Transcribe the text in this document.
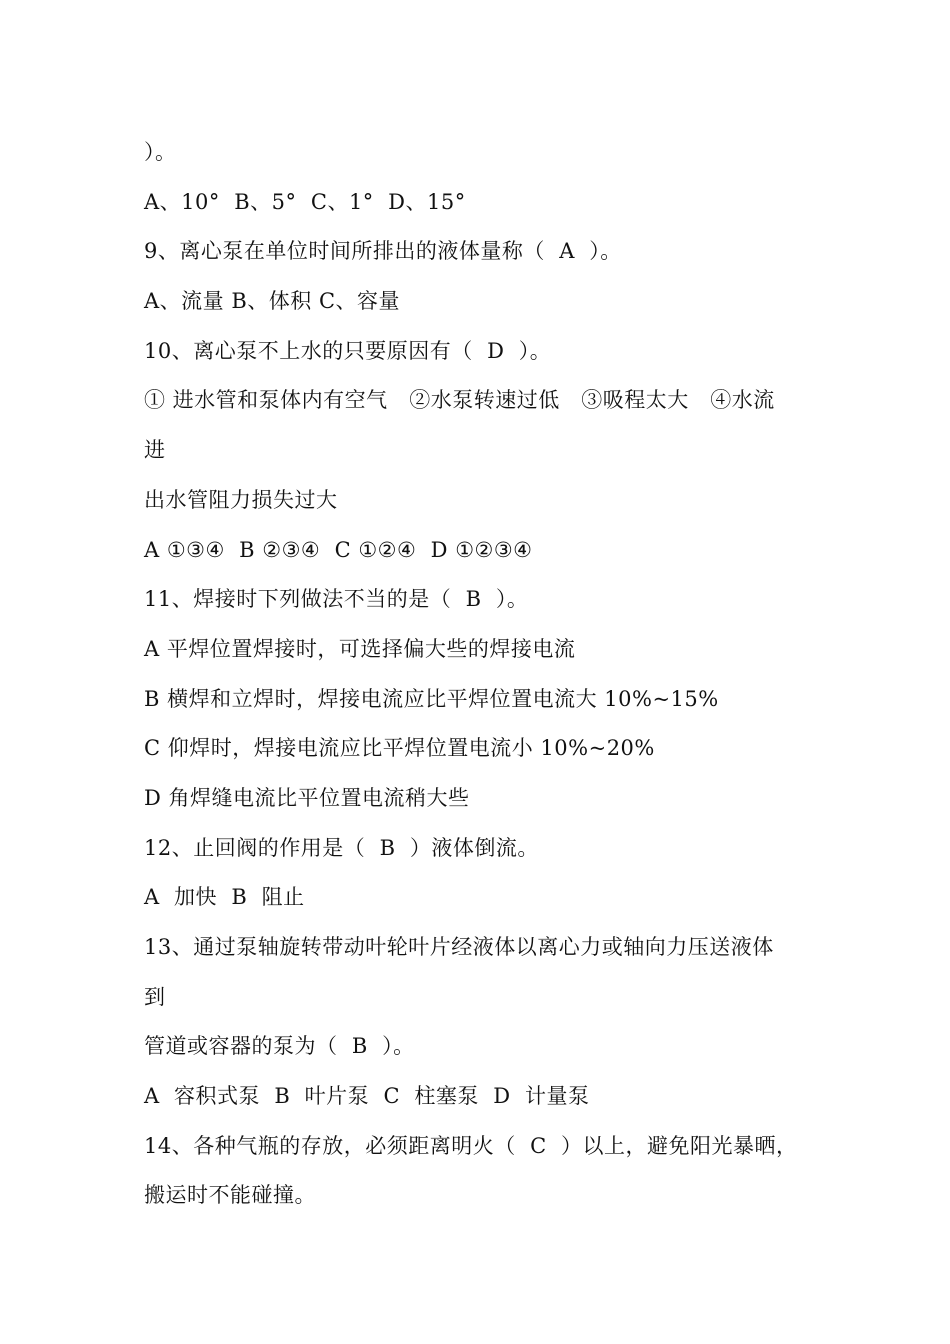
）。
A、10°  B、5°  C、1°  D、15°
9、离心泵在单位时间所排出的液体量称（  A  ）。
A、流量 B、体积 C、容量
10、离心泵不上水的只要原因有（  D  ）。
① 进水管和泵体内有空气   ②水泵转速过低   ③吸程太大   ④水流
进
出水管阻力损失过大
A ①③④  B ②③④  C ①②④  D ①②③④
11、焊接时下列做法不当的是（  B  ）。
A 平焊位置焊接时，可选择偏大些的焊接电流
B 横焊和立焊时，焊接电流应比平焊位置电流大 10%~15%
C 仰焊时，焊接电流应比平焊位置电流小 10%~20%
D 角焊缝电流比平位置电流稍大些
12、止回阀的作用是（  B  ）液体倒流。
A  加快  B  阻止
13、通过泵轴旋转带动叶轮叶片经液体以离心力或轴向力压送液体
到
管道或容器的泵为（  B  ）。
A  容积式泵  B  叶片泵  C  柱塞泵  D  计量泵
14、各种气瓶的存放，必须距离明火（  C  ）以上，避免阳光暴晒，
搬运时不能碰撞。
